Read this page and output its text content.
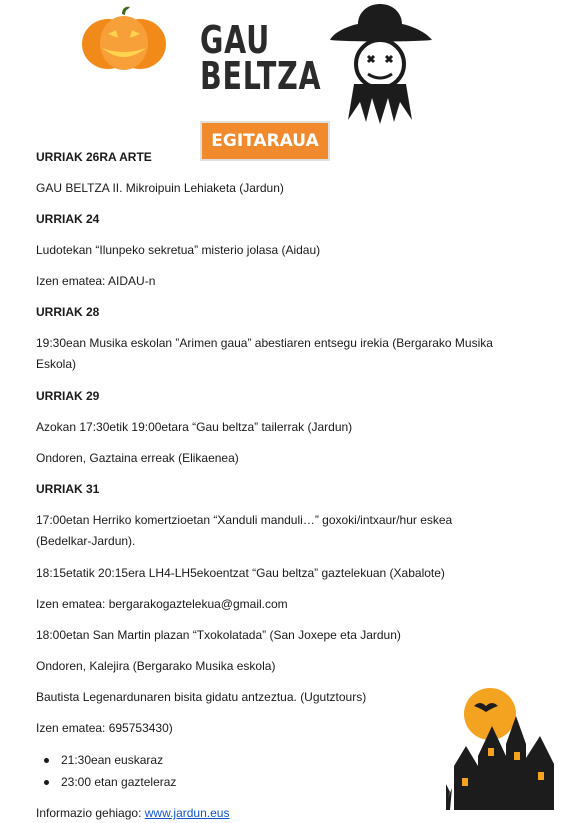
GAU
BELTZA
EGITARAUA
URRIAK 26RA ARTE
GAU BELTZA II. Mikroipuin Lehiaketa (Jardun)
URRIAK 24
Ludotekan “Ilunpeko sekretua” misterio jolasa (Aidau)
Izen ematea: AIDAU-n
URRIAK 28
19:30ean Musika eskolan ”Arimen gaua” abestiaren entsegu irekia (Bergarako Musika Eskola)
URRIAK 29
Azokan 17:30etik 19:00etara “Gau beltza” tailerrak (Jardun)
Ondoren, Gaztaina erreak (Elikaenea)
URRIAK 31
17:00etan Herriko komertzioetan “Xanduli manduli…” goxoki/intxaur/hur eskea (Bedelkar-Jardun).
18:15etatik 20:15era LH4-LH5ekoentzat “Gau beltza” gaztelekuan (Xabalote)
Izen ematea: bergarakogaztelekua@gmail.com
18:00etan San Martin plazan “Txokolatada” (San Joxepe eta Jardun)
Ondoren, Kalejira (Bergarako Musika eskola)
Bautista Legenardunaren bisita gidatu antzeztua. (Ugutztours)
Izen ematea: 695753430)
21:30ean euskaraz
23:00 etan gazteleraz
Informazio gehiago: www.jardun.eus
